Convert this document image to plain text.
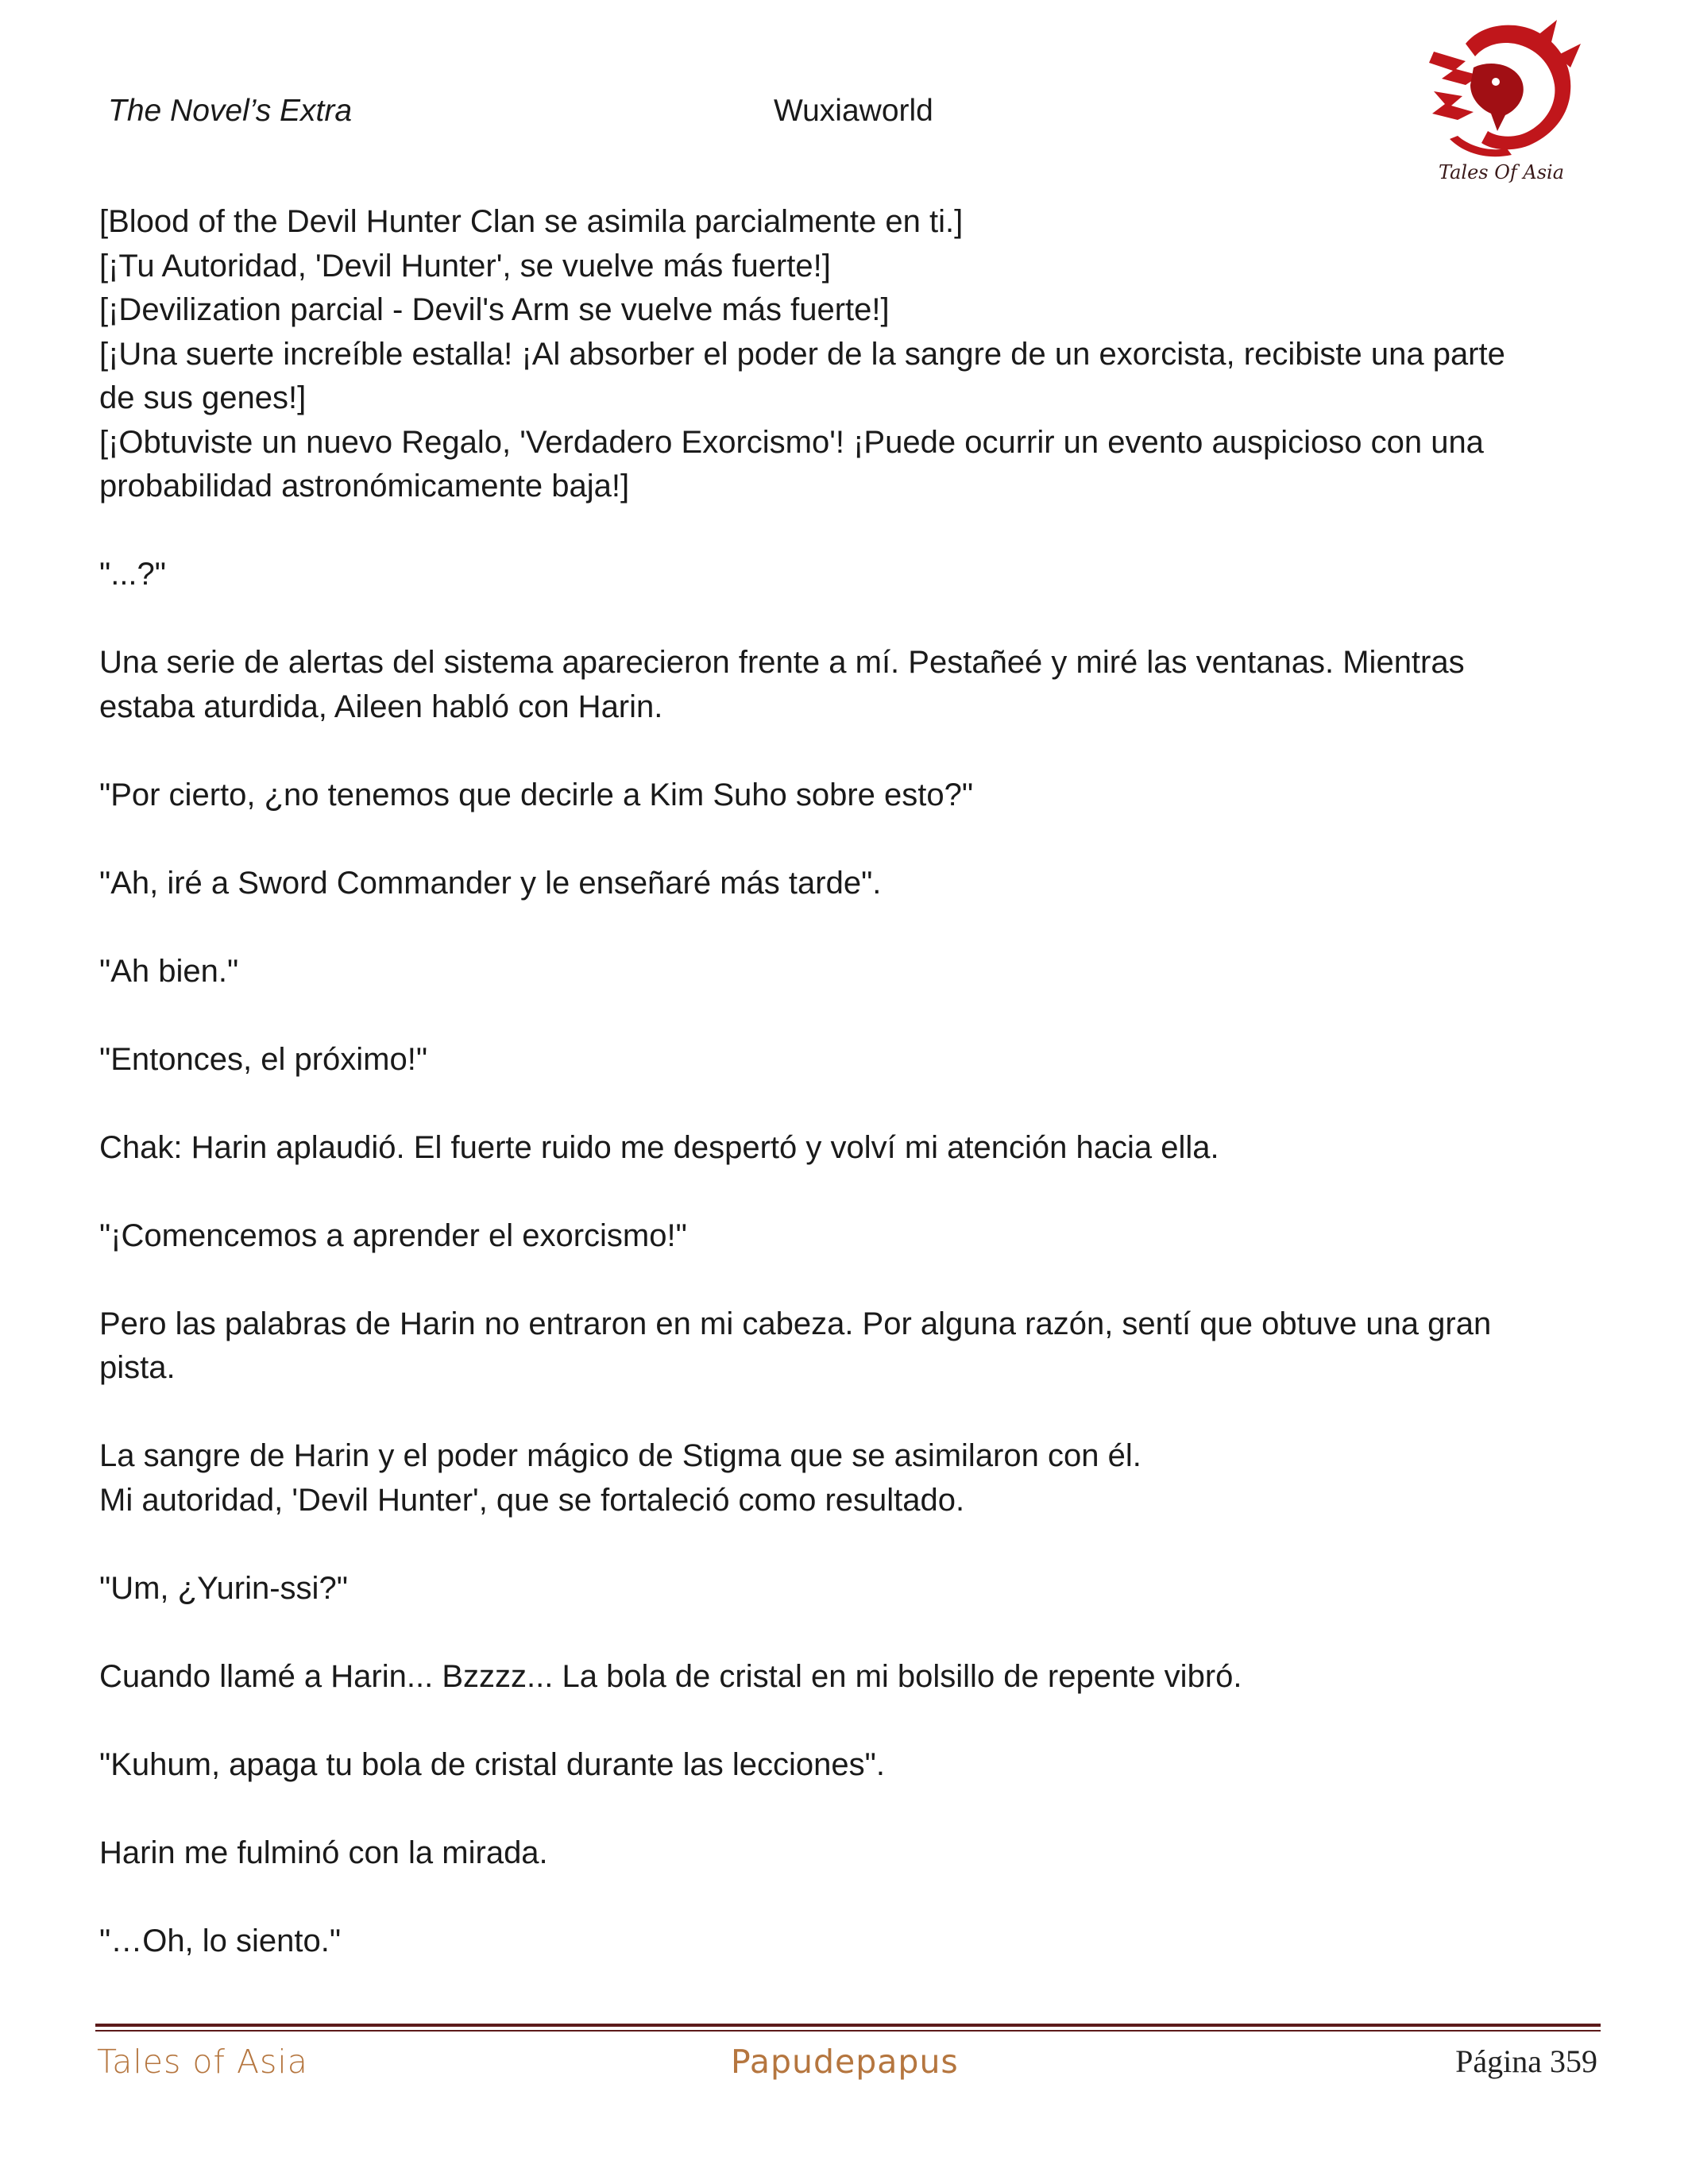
The Novel’s Extra	Wuxiaworld
Tales Of Asia
[Blood of the Devil Hunter Clan se asimila parcialmente en ti.]
[¡Tu Autoridad, 'Devil Hunter', se vuelve más fuerte!]
[¡Devilization parcial - Devil's Arm se vuelve más fuerte!]
[¡Una suerte increíble estalla! ¡Al absorber el poder de la sangre de un exorcista, recibiste una parte
de sus genes!]
[¡Obtuviste un nuevo Regalo, 'Verdadero Exorcismo'! ¡Puede ocurrir un evento auspicioso con una
probabilidad astronómicamente baja!]
"...?"
Una serie de alertas del sistema aparecieron frente a mí. Pestañeé y miré las ventanas. Mientras
estaba aturdida, Aileen habló con Harin.
"Por cierto, ¿no tenemos que decirle a Kim Suho sobre esto?"
"Ah, iré a Sword Commander y le enseñaré más tarde".
"Ah bien."
"Entonces, el próximo!"
Chak: Harin aplaudió. El fuerte ruido me despertó y volví mi atención hacia ella.
"¡Comencemos a aprender el exorcismo!"
Pero las palabras de Harin no entraron en mi cabeza. Por alguna razón, sentí que obtuve una gran
pista.
La sangre de Harin y el poder mágico de Stigma que se asimilaron con él.
Mi autoridad, 'Devil Hunter', que se fortaleció como resultado.
"Um, ¿Yurin-ssi?"
Cuando llamé a Harin... Bzzzz... La bola de cristal en mi bolsillo de repente vibró.
"Kuhum, apaga tu bola de cristal durante las lecciones".
Harin me fulminó con la mirada.
"…Oh, lo siento."
Tales of Asia	Papudepapus	Página 359
